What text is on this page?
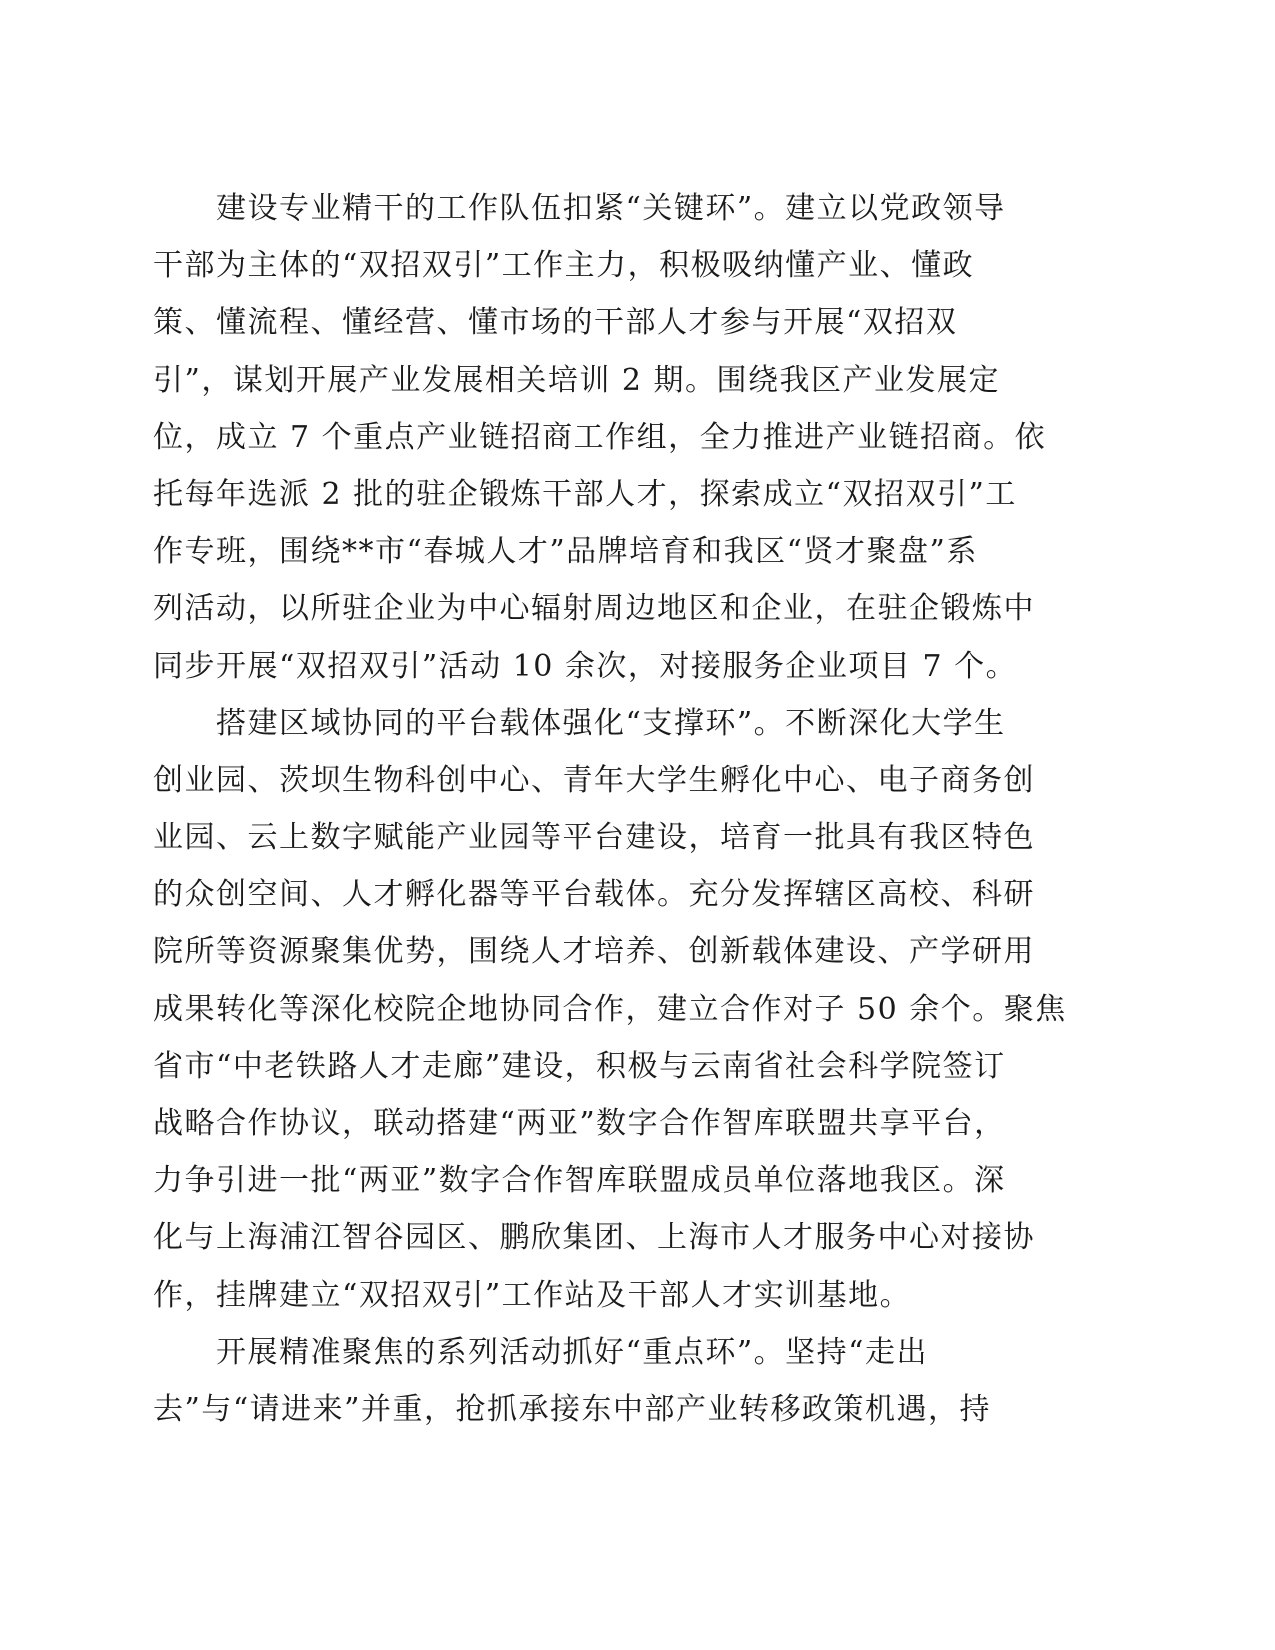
建设专业精干的工作队伍扣紧“关键环”。建立以党政领导
干部为主体的“双招双引”工作主力，积极吸纳懂产业、懂政
策、懂流程、懂经营、懂市场的干部人才参与开展“双招双
引”，谋划开展产业发展相关培训 2 期。围绕我区产业发展定
位，成立 7 个重点产业链招商工作组，全力推进产业链招商。依
托每年选派 2 批的驻企锻炼干部人才，探索成立“双招双引”工
作专班，围绕**市“春城人才”品牌培育和我区“贤才聚盘”系
列活动，以所驻企业为中心辐射周边地区和企业，在驻企锻炼中
同步开展“双招双引”活动 10 余次，对接服务企业项目 7 个。
搭建区域协同的平台载体强化“支撑环”。不断深化大学生
创业园、茨坝生物科创中心、青年大学生孵化中心、电子商务创
业园、云上数字赋能产业园等平台建设，培育一批具有我区特色
的众创空间、人才孵化器等平台载体。充分发挥辖区高校、科研
院所等资源聚集优势，围绕人才培养、创新载体建设、产学研用
成果转化等深化校院企地协同合作，建立合作对子 50 余个。聚焦
省市“中老铁路人才走廊”建设，积极与云南省社会科学院签订
战略合作协议，联动搭建“两亚”数字合作智库联盟共享平台，
力争引进一批“两亚”数字合作智库联盟成员单位落地我区。深
化与上海浦江智谷园区、鹏欣集团、上海市人才服务中心对接协
作，挂牌建立“双招双引”工作站及干部人才实训基地。
开展精准聚焦的系列活动抓好“重点环”。坚持“走出
去”与“请进来”并重，抢抓承接东中部产业转移政策机遇，持
